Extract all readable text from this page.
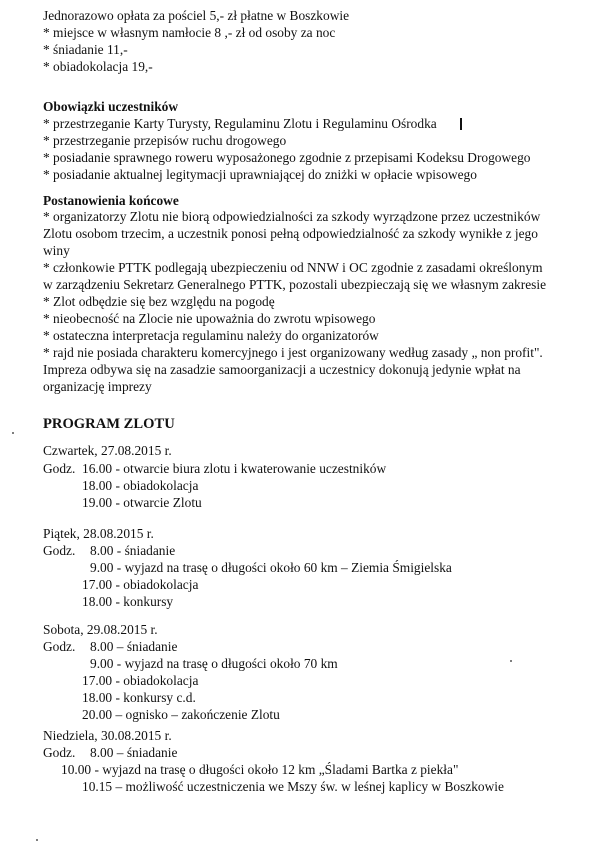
Jednorazowo opłata za pościel 5,- zł płatne w Boszkowie
* miejsce w własnym namłocie 8 ,- zł od osoby za noc
* śniadanie 11,-
* obiadokolacja 19,-
Obowiązki uczestników
* przestrzeganie Karty Turysty, Regulaminu Zlotu i Regulaminu Ośrodka
* przestrzeganie przepisów ruchu drogowego
* posiadanie sprawnego roweru wyposażonego zgodnie z przepisami Kodeksu Drogowego
* posiadanie aktualnej legitymacji uprawniającej do zniżki w opłacie wpisowego
Postanowienia końcowe
* organizatorzy Zlotu nie biorą odpowiedzialności za szkody wyrządzone przez uczestników
Zlotu osobom trzecim, a uczestnik ponosi pełną odpowiedzialność za szkody wynikłe z jego
winy
* członkowie PTTK podlegają ubezpieczeniu od NNW i OC zgodnie z zasadami określonym
w zarządzeniu Sekretarz Generalnego PTTK, pozostali ubezpieczają się we własnym zakresie
* Zlot odbędzie się bez względu na pogodę
* nieobecność na Zlocie nie upoważnia do zwrotu wpisowego
* ostateczna interpretacja regulaminu należy do organizatorów
* rajd nie posiada charakteru komercyjnego i jest organizowany według zasady „ non profit".
Impreza odbywa się na zasadzie samoorganizacji a uczestnicy dokonują jedynie wpłat na
organizację imprezy
PROGRAM ZLOTU
Czwartek, 27.08.2015 r.
Godz. 16.00 - otwarcie biura zlotu i kwaterowanie uczestników
18.00 - obiadokolacja
19.00 - otwarcie Zlotu
Piątek, 28.08.2015 r.
Godz. 8.00 - śniadanie
9.00 - wyjazd na trasę o długości około 60 km – Ziemia Śmigielska
17.00 - obiadokolacja
18.00 - konkursy
Sobota, 29.08.2015 r.
Godz. 8.00 – śniadanie
9.00 - wyjazd na trasę o długości około 70 km
17.00 - obiadokolacja
18.00 - konkursy c.d.
20.00 – ognisko – zakończenie Zlotu
Niedziela, 30.08.2015 r.
Godz. 8.00 – śniadanie
10.00 - wyjazd na trasę o długości około 12 km „Śladami Bartka z piekła"
10.15 – możliwość uczestniczenia we Mszy św. w leśnej kaplicy w Boszkowie
